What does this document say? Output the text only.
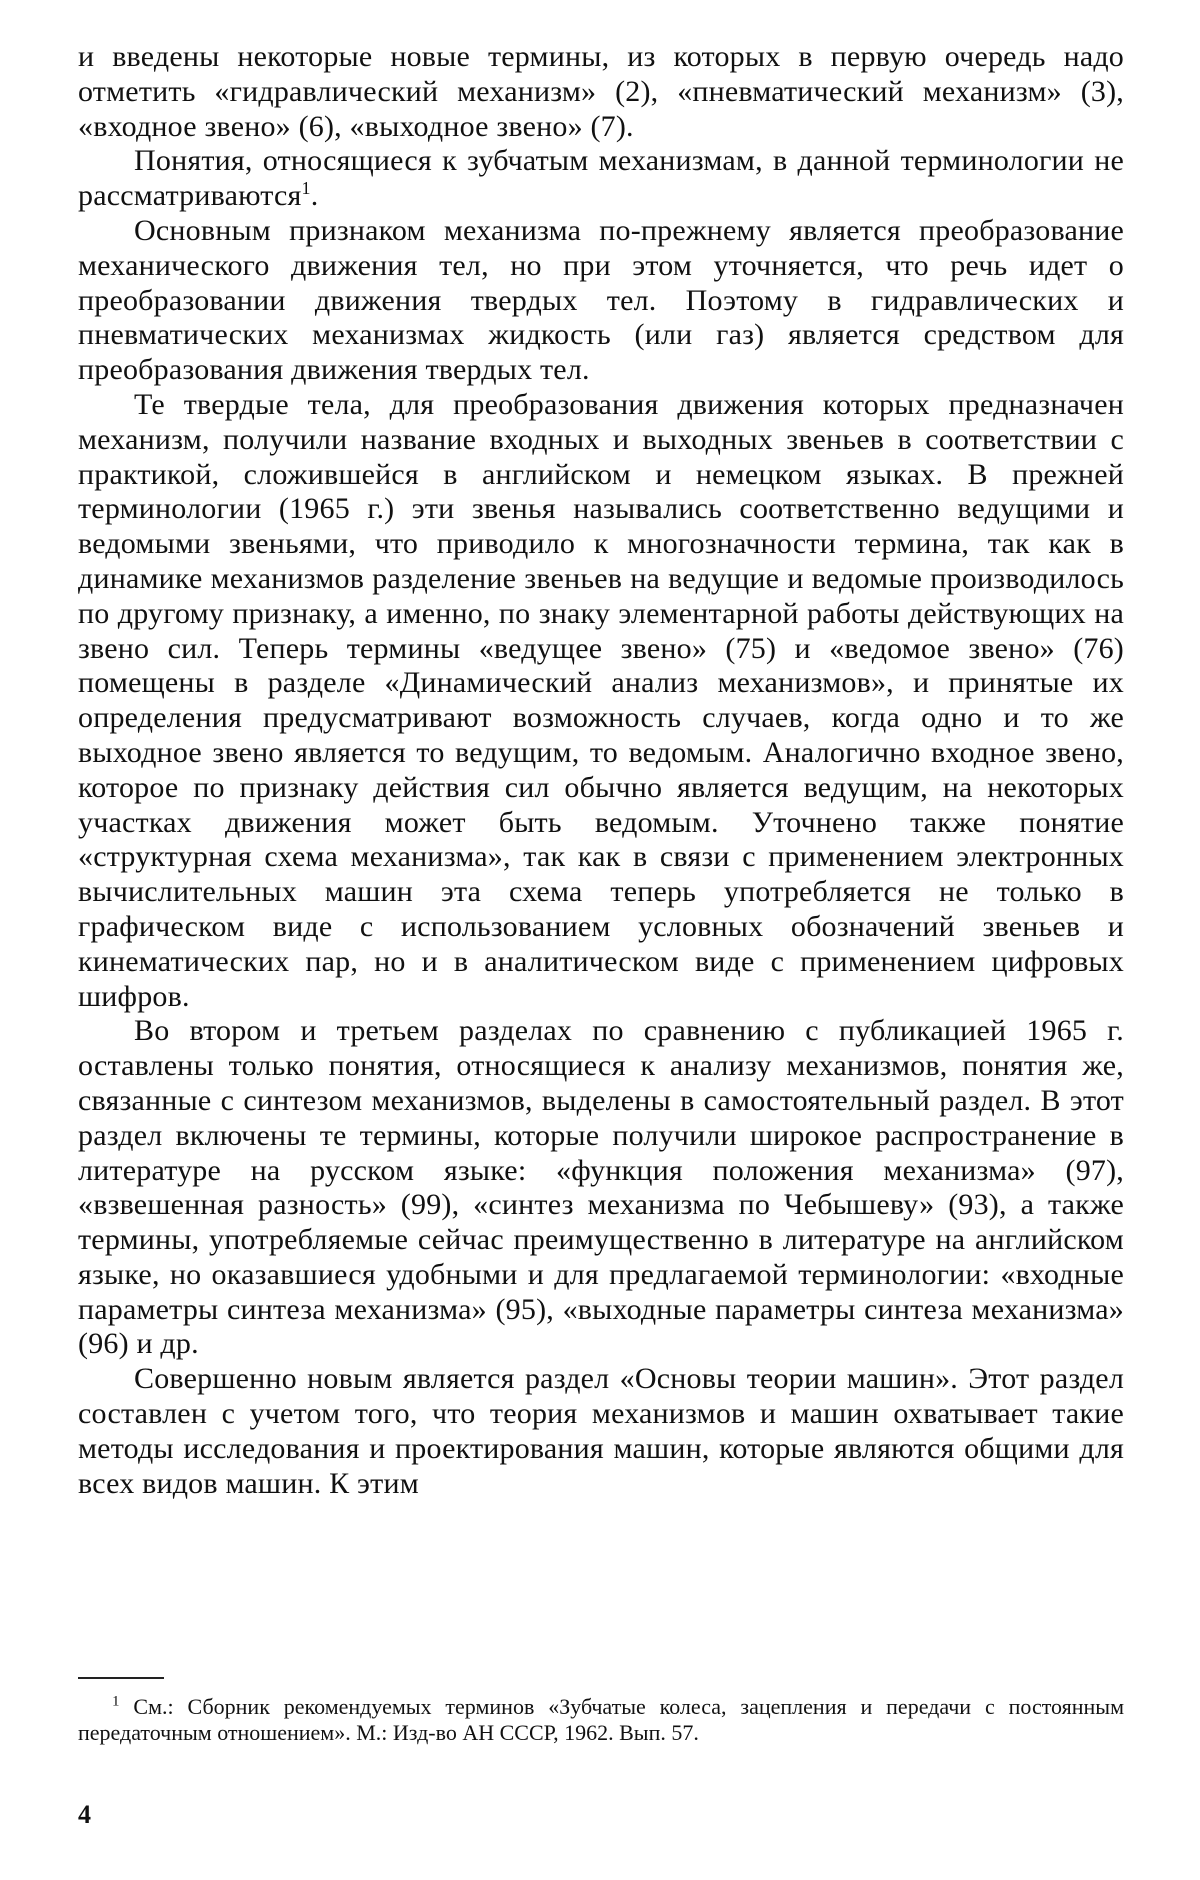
и введены некоторые новые термины, из которых в первую очередь надо отметить «гидравлический механизм» (2), «пневматический механизм» (3), «входное звено» (6), «выходное звено» (7).

Понятия, относящиеся к зубчатым механизмам, в данной терминологии не рассматриваются$^1$.

Основным признаком механизма по-прежнему является преобразование механического движения тел, но при этом уточняется, что речь идет о преобразовании движения твердых тел. Поэтому в гидравлических и пневматических механизмах жидкость (или газ) является средством для преобразования движения твердых тел.

Те твердые тела, для преобразования движения которых предназначен механизм, получили название входных и выходных звеньев в соответствии с практикой, сложившейся в английском и немецком языках. В прежней терминологии (1965 г.) эти звенья назывались соответственно ведущими и ведомыми звеньями, что приводило к многозначности термина, так как в динамике механизмов разделение звеньев на ведущие и ведомые производилось по другому признаку, а именно, по знаку элементарной работы действующих на звено сил. Теперь термины «ведущее звено» (75) и «ведомое звено» (76) помещены в разделе «Динамический анализ механизмов», и принятые их определения предусматривают возможность случаев, когда одно и то же выходное звено является то ведущим, то ведомым. Аналогично входное звено, которое по признаку действия сил обычно является ведущим, на некоторых участках движения может быть ведомым. Уточнено также понятие «структурная схема механизма», так как в связи с применением электронных вычислительных машин эта схема теперь употребляется не только в графическом виде с использованием условных обозначений звеньев и кинематических пар, но и в аналитическом виде с применением цифровых шифров.

Во втором и третьем разделах по сравнению с публикацией 1965 г. оставлены только понятия, относящиеся к анализу механизмов, понятия же, связанные с синтезом механизмов, выделены в самостоятельный раздел. В этот раздел включены те термины, которые получили широкое распространение в литературе на русском языке: «функция положения механизма» (97), «взвешенная разность» (99), «синтез механизма по Чебышеву» (93), а также термины, употребляемые сейчас преимущественно в литературе на английском языке, но оказавшиеся удобными и для предлагаемой терминологии: «входные параметры синтеза механизма» (95), «выходные параметры синтеза механизма» (96) и др.

Совершенно новым является раздел «Основы теории машин». Этот раздел составлен с учетом того, что теория механизмов и машин охватывает такие методы исследования и проектирования машин, которые являются общими для всех видов машин. К этим

$^1$ См.: Сборник рекомендуемых терминов «Зубчатые колеса, зацепления и передачи с постоянным передаточным отношением». М.: Изд-во АН СССР, 1962. Вып. 57.

4
